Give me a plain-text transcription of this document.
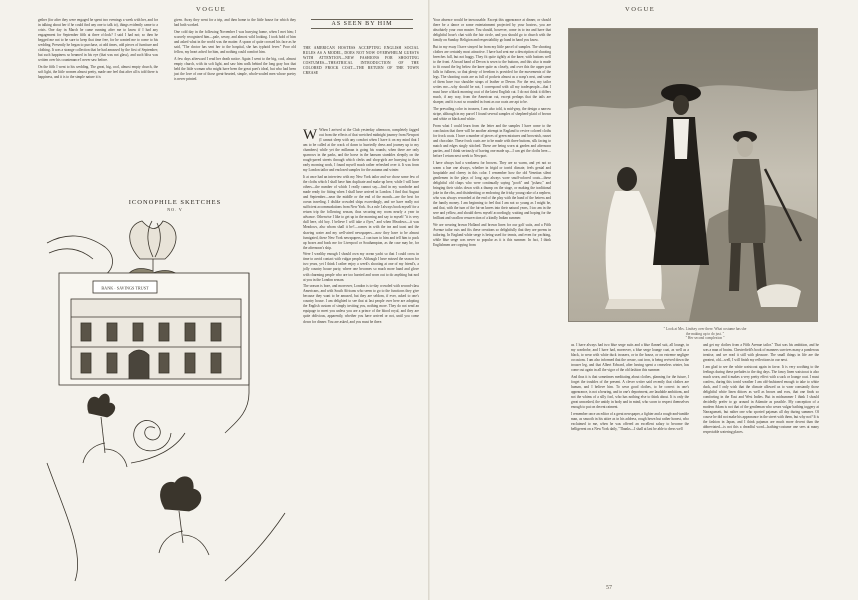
VOGUE

gether (for after they were engaged he spent two evenings a week with her, and for in talking about her if he could find any one to talk to), things evidently came to a crisis. One day in March he came running after me to know if I had any engagement for September fifth at three o'clock? I said I had not; so then he begged me not to be sure to keep that time free, for he wanted me to come to his wedding. Presently he began to purchase, at odd times, odd pieces of furniture and clothing. It was a strange collection that he had amassed by the first of September; but such happiness so beamed in his eye (that was not glass), and such bliss was written over his countenance I never saw before.

On the fifth I went to his wedding. The great, big, cool, almost empty church, the soft light, the little women almost pretty, made one feel that after all is told there is happiness, and it is to the simple nature it is

given. Away they went for a trip, and then home to the little house for which they had both worked.

One cold day in the following November I was hurrying home, when I met him; I scarcely recognized him—pale, weary, and almost wild looking. I took hold of him and asked what in the world was the matter. A spoon of quite crossed his face as he said, "The doctor has sent her to the hospital, she has typhoid fever." Poor old fellow, my heart ached for him, and nothing could comfort him.

A few days afterward I read her death notice. Again I went to the big, cool, almost empty church, with its soft light, and saw him walk behind the long gray box that held the little woman who might have been the great poet's ideal, but who had been just the love of one of those great-hearted, simple, whole-souled men whose poetry is never printed.

ICONOPHILE SKETCHES
NO. V
BANK · SAVINGS TRUST
VOGUE
AS SEEN BY HIM
THE AMERICAN HOSTESS ACCEPTING ENGLISH SOCIAL RULES AS A MODEL, DOES NOT NOW OVERWHELM GUESTS WITH ATTENTION—NEW FASHIONS FOR SHOOTING COSTUMES—THEATRICAL INTRODUCTION OF THE COLORED FROCK COAT—THE RETURN OF THE TOWN CREASE

W When I arrived at the Club yesterday afternoon, completely fagged out from the effects of that wretched midnight journey from Newport (I cannot sleep with any comfort when I have it on my mind that I am to be called at the crack of dawn to hurriedly dress and journey up to my chambers) while yet the milkman is going his rounds; when there are only sparrows in the parks, and the horse in the hansom stumbles sleepily on the rough-paved streets through which clerks and shop-girls are hurrying to their early morning work, I found myself much rather refreshed over it. It was from my London tailor and enclosed samples for the autumn and winter.

It at once had an interview with my New York tailor and we chose some few of the cloths which I shall have him duplicate and make up here, while I will have others—the number of which I really cannot say—find in my wardrobe and made ready for fitting when I shall have arrived in London. I find that August and September—near the middle or the end of the month—are the best for ocean traveling. I dislike crowded ships exceedingly, and we have really not sufficient accommodations from New York. As a rule I always book myself for a return trip the following season, thus securing my room nearly a year in advance. Otherwise I like to get up in the morning and say to myself "it is very dull here, old boy. I believe I will take a flyer," and when Meadows—it was Meadows, also whom shall it be?—comes in with the tea and toast and the shaving water and my well-aired newspapers—now they have to be almost fumigated, these New York newspapers—I can turn to him and tell him to pack up boxes and book me for Liverpool or Southampton, as the case may be, for the afternoon's ship.

Were I wealthy enough I should own my ocean yacht so that I could cross in time to avoid contact with vulgar people. Although I have missed the season for two years, yet I think I rather enjoy a week's shooting at one of my friend's, a jolly country house party, where one becomes so much more hand and glove with charming people who are too hurried and worn out to do anything but nod at you in the London season.

The season is bore, and moreover, London is to-day crowded with second-class Americans, and with South Africans who seem to go to the functions they give because they want to be amused, but they are seldom, if ever, asked to one's country house. I am delighted to see that at last people over here are adopting the English custom of simply inviting you, nothing more. They do not send an equipage to meet you unless you are a prince of the blood royal, and they are quite oblivious, apparently, whether you have arrived or not, until you come down for dinner. You are asked, and you must be there.

Your absence would be inexcusable. Except this appearance at dinner, or should there be a dance or some entertainment projected by your hostess, you are absolutely your own master. You should, however, come in to tea and have that delightful hour's chat with the fair circle, and you should go to church with the family on Sunday. Religion and respectability go hand in hand you know.

But in my essay I have strayed far from my little parcel of samples. The shooting clothes are certainly most attractive. I have had sent me a description of shooting breeches full, but not baggy. They fit quite tightly at the knee, with buttons well to the front. A broad band of Devon is sewn to the buttons, and this also is made to fit round the leg below the knee quite as closely, and over this the upper part falls in fullness, so that plenty of freedom is provided for the movements of the legs. The shooting coats are as full of pockets almost as a wasp's nest, and some of them have two shoulder straps of leather or Devon. For the rest, my tailor writes me—why should he not, I correspond with all my tradespeople—that I must have a black morning coat of the latest English cut. I do not think it differs much, if any way, from the American cut, except perhaps that the tails are sharper, and it is not so rounded in front as our coats are apt to be.

The prevailing color in trousers, I am also told, is mid-gray, the design a narrow stripe, although in my parcel I found several samples of shepherd-plaid of brown and white or black and white.

From what I could learn from the letter and the samples I have come to the conclusion that there will be another attempt in England to revive colored cloths for frock coats. I have a number of pieces of green mixtures and brownish, russet and chocolate. These frock coats are to be made with three buttons, silk facing to match and edges singly stitched. These are being worn at garden and afternoon parties, and I think seriously of having one made up—I can get the cloths here—before I return next week to Newport.

I have always had a weakness for browns. They are so warm, and yet not so warm a hue one always, whether in frigid or torrid climate, feels genial and hospitable and cheery in this color. I remember how the old Venetian silent gentlemen in the plays of long ago always wore snuff-colored coats—these delightful old chaps who were continually saying "pooh" and "pshaw," and bringing their sticks down with a thump on the stage, or making the traditional joke in the ribs, and disinheriting or endowing the frisky young rake of a nephew, who was always rewarded at the end of the play with the hand of the heiress and the family money. I am beginning to feel that I am not so young as I might be, and that, with the turn of the fat-on knees into their natural years, I too am in the sere and yellow, and should dress myself accordingly, waiting and hoping for the brilliant and swallow resurrection of a kindly Indian summer.

We are wearing brown Holland and brown linen for our golf suits, and a Fifth Avenue tailor cuts and fits these creations so delightfully that they are poems in tailoring. In England white serge is being used for tennis, and even for yachting, while blue serge was never so popular as it is this summer. In fact, I think Englishmen are copying from

" Look at Mrs. Lindsey over there. What costume has she
the making up to do just. "
" Her second complexion "

us. I have always had two blue serge suits and a blue flannel suit, all lounge, in my wardrobe, and I have had, moreover, a blue serge lounge coat, as well as a black, to wear with white duck trousers, or in the house, or on extreme negligee occasions. I am also informed that the crease, cast iron, is being revived down the trouser leg, and that Albert Edward, after having spent a creaseless winter, has come out again in all the vigor of the old fashion this summer.

And thus it is that sometimes meditating about clothes, planning for the future, I forget the troubles of the present. A clever writer said recently that clothes are human, and I believe him. To wear good clothes, to be correct in one's appearance, is not a bearing, and in one's deportment, are laudable ambitions, and not the whims of a silly fool, who has nothing else to think about. It is only the great unwashed, the untidy in body and in mind, who scorn to respect themselves enough to put on decent raiment.

I remember once an editor of a great newspaper, a fighter and a rough-and-tumble man, as smooth in his attire as in his address, rough hewn but rather honest, who exclaimed to me, when he was offered an excellent salary to become the belligerent on a New York daily, "Thanks—I shall at last be able to dress well

and get my clothes from a Fifth Avenue tailor." That was his ambition, and he was a man of brains. Chesterfield's book of manners survives many a ponderous treatise, and we read it still with pleasure. The small things in life are the greatest, old—well, I will finish my reflections in our next.

I am glad to see the white waistcoat again in favor. It is very soothing to the feelings during these preludes to the dog days. The fancy linen waistcoat is also much worn, and it makes a very pretty effect with a sack or lounge coat. I must confess, during this torrid weather I am old-fashioned enough to take to white duck, and I only wish that the climate allowed us to wear constantly those delightful white linen dittoes as well as brown and ecru, that one finds so comforting in the East and West Indies. But in midsummer I think I should decidedly prefer to go around in Adamite as possible. My conception of a modern Adam is not that of the gentleman who wears vulgar bathing toggery at Narragansett, but rather one who sported pajamas all day during summer. Of course he did not make his appearance in the street with them, but why not? It is the fashion in Japan, and I think pajamas are much more decent than the abbreviated—is not this a dreadful word—bathing-costume one sees at many respectable watering places.

57
